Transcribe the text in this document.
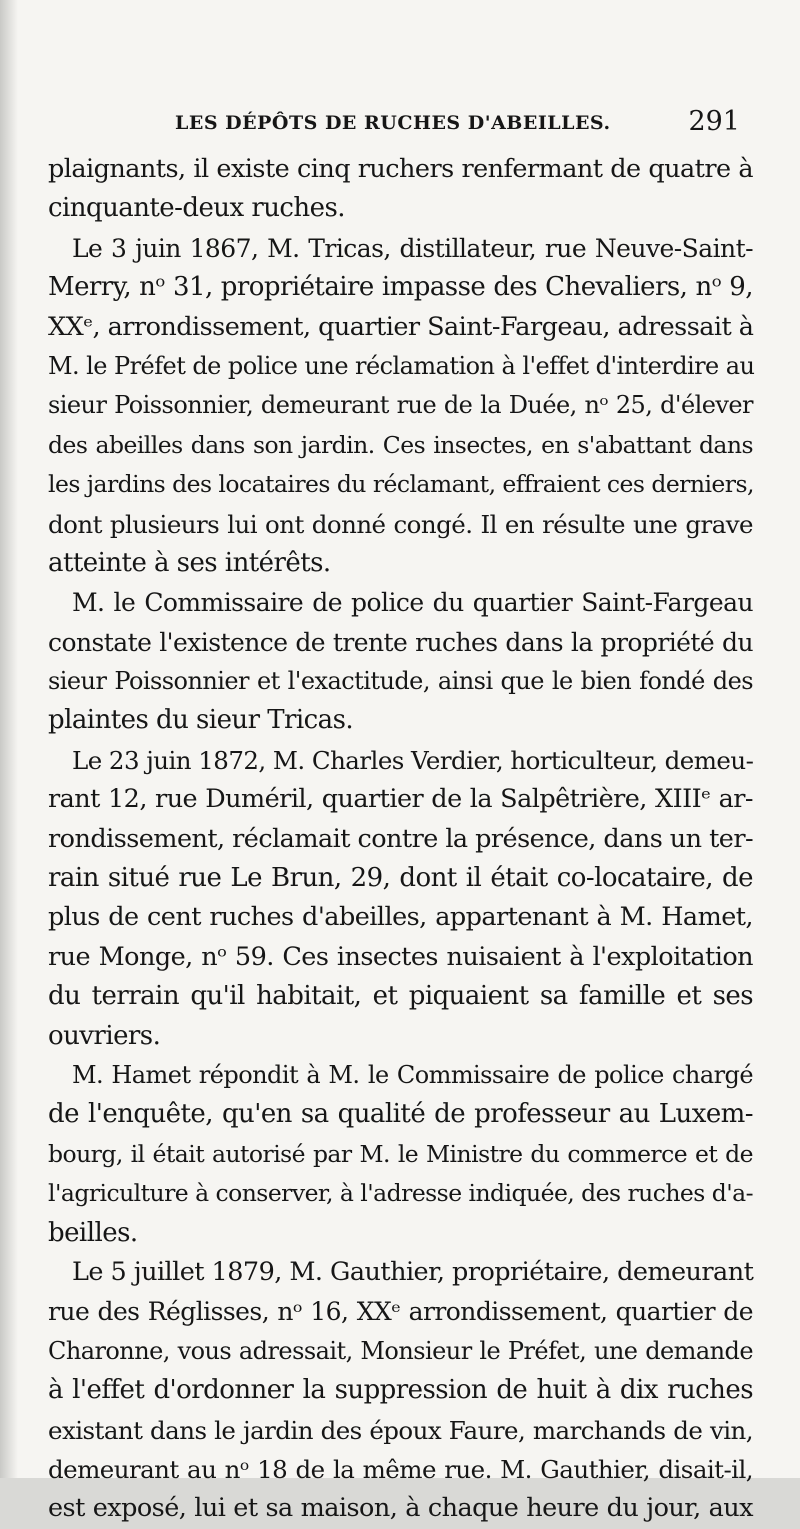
LES DÉPÔTS DE RUCHES D'ABEILLES.	291
plaignants, il existe cinq ruchers renfermant de quatre à
cinquante-deux ruches.
Le 3 juin 1867, M. Tricas, distillateur, rue Neuve-Saint-
Merry, nᵒ 31, propriétaire impasse des Chevaliers, nᵒ 9,
XXᵉ, arrondissement, quartier Saint-Fargeau, adressait à
M. le Préfet de police une réclamation à l'effet d'interdire au
sieur Poissonnier, demeurant rue de la Duée, nᵒ 25, d'élever
des abeilles dans son jardin. Ces insectes, en s'abattant dans
les jardins des locataires du réclamant, effraient ces derniers,
dont plusieurs lui ont donné congé. Il en résulte une grave
atteinte à ses intérêts.
M. le Commissaire de police du quartier Saint-Fargeau
constate l'existence de trente ruches dans la propriété du
sieur Poissonnier et l'exactitude, ainsi que le bien fondé des
plaintes du sieur Tricas.
Le 23 juin 1872, M. Charles Verdier, horticulteur, demeu-
rant 12, rue Duméril, quartier de la Salpêtrière, XIIIᵉ ar-
rondissement, réclamait contre la présence, dans un ter-
rain situé rue Le Brun, 29, dont il était co-locataire, de
plus de cent ruches d'abeilles, appartenant à M. Hamet,
rue Monge, nᵒ 59. Ces insectes nuisaient à l'exploitation
du terrain qu'il habitait, et piquaient sa famille et ses
ouvriers.
M. Hamet répondit à M. le Commissaire de police chargé
de l'enquête, qu'en sa qualité de professeur au Luxem-
bourg, il était autorisé par M. le Ministre du commerce et de
l'agriculture à conserver, à l'adresse indiquée, des ruches d'a-
beilles.
Le 5 juillet 1879, M. Gauthier, propriétaire, demeurant
rue des Réglisses, nᵒ 16, XXᵉ arrondissement, quartier de
Charonne, vous adressait, Monsieur le Préfet, une demande
à l'effet d'ordonner la suppression de huit à dix ruches
existant dans le jardin des époux Faure, marchands de vin,
demeurant au nᵒ 18 de la même rue. M. Gauthier, disait-il,
est exposé, lui et sa maison, à chaque heure du jour, aux
